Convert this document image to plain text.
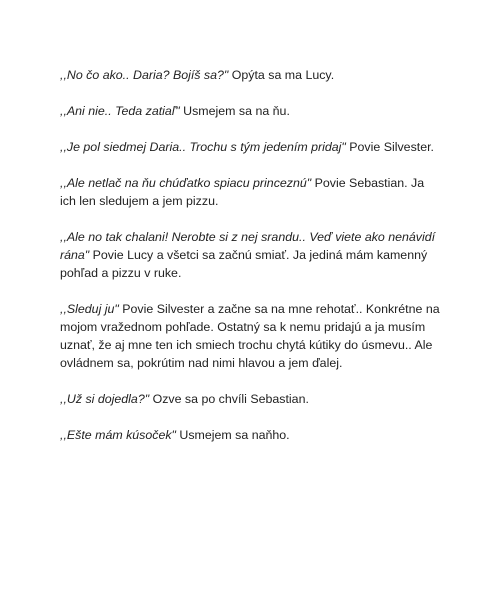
,,No čo ako.. Daria? Bojíš sa?" Opýta sa ma Lucy.

,,Ani nie.. Teda zatiaľ" Usmejem sa na ňu.

,,Je pol siedmej Daria.. Trochu s tým jedením pridaj" Povie Silvester.

,,Ale netlač na ňu chúďatko spiacu princeznú" Povie Sebastian. Ja ich len sledujem a jem pizzu.

,,Ale no tak chalani! Nerobte si z nej srandu.. Veď viete ako nenávidí rána" Povie Lucy a všetci sa začnú smiať. Ja jediná mám kamenný pohľad a pizzu v ruke.

,,Sleduj ju" Povie Silvester a začne sa na mne rehotať.. Konkrétne na mojom vražednom pohľade. Ostatný sa k nemu pridajú a ja musím uznať, že aj mne ten ich smiech trochu chytá kútiky do úsmevu.. Ale ovládnem sa, pokrútim nad nimi hlavou a jem ďalej.

,,Už si dojedla?" Ozve sa po chvíli Sebastian.

,,Ešte mám kúsoček" Usmejem sa naňho.
